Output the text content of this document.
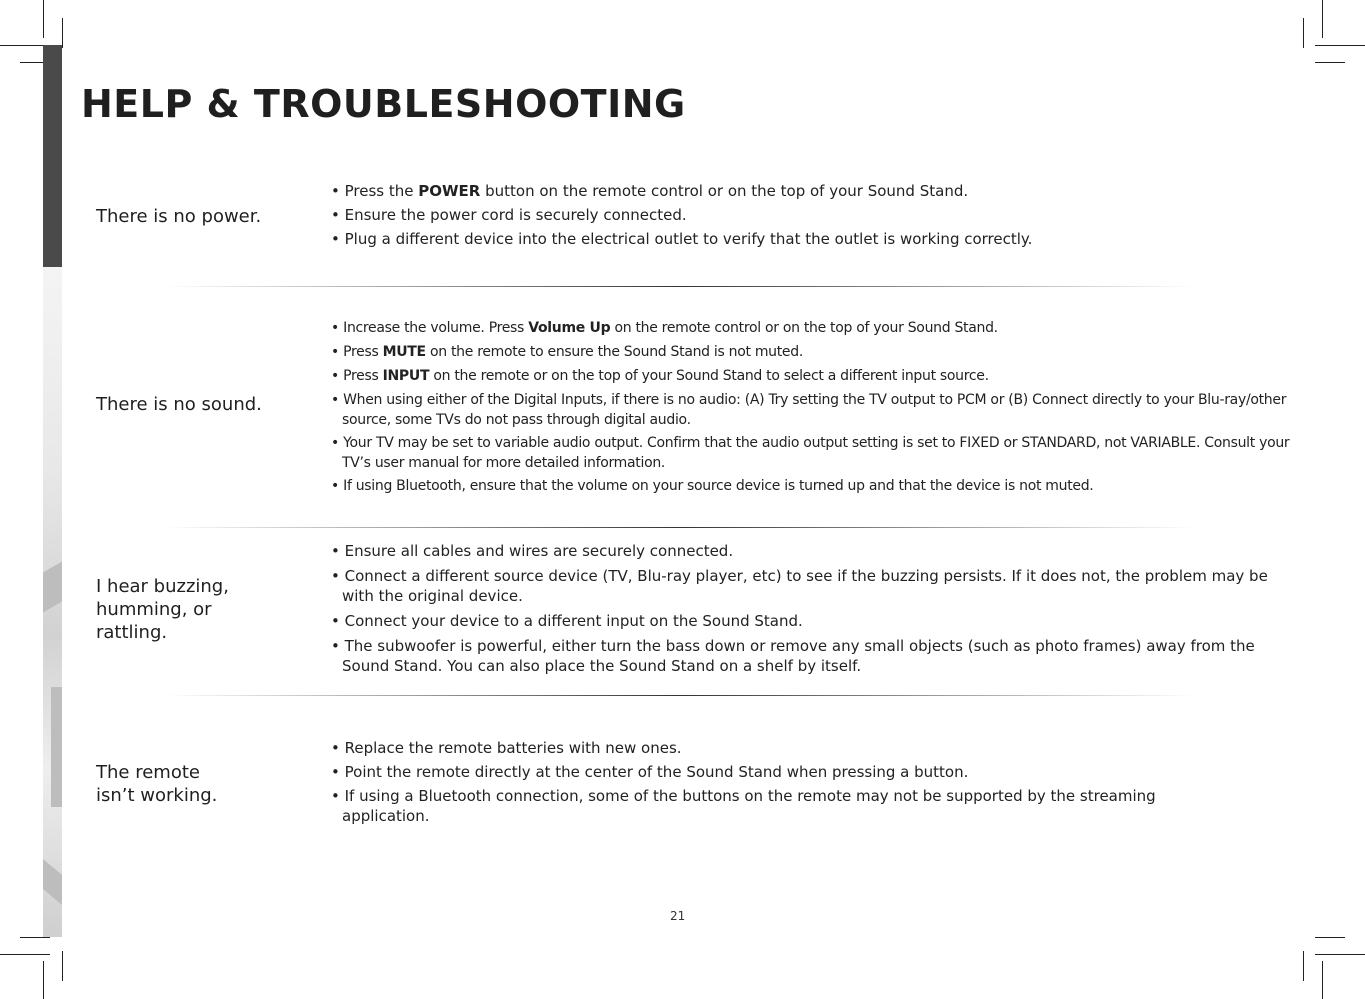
HELP & TROUBLESHOOTING
There is no power.
• Press the POWER button on the remote control or on the top of your Sound Stand.
• Ensure the power cord is securely connected.
• Plug a different device into the electrical outlet to verify that the outlet is working correctly.
There is no sound.
• Increase the volume. Press Volume Up on the remote control or on the top of your Sound Stand.
• Press MUTE on the remote to ensure the Sound Stand is not muted.
• Press INPUT on the remote or on the top of your Sound Stand to select a different input source.
• When using either of the Digital Inputs, if there is no audio: (A) Try setting the TV output to PCM or (B) Connect directly to your Blu-ray/other source, some TVs do not pass through digital audio.
• Your TV may be set to variable audio output. Confirm that the audio output setting is set to FIXED or STANDARD, not VARIABLE. Consult your TV’s user manual for more detailed information.
• If using Bluetooth, ensure that the volume on your source device is turned up and that the device is not muted.
I hear buzzing, humming, or rattling.
• Ensure all cables and wires are securely connected.
• Connect a different source device (TV, Blu-ray player, etc) to see if the buzzing persists. If it does not, the problem may be with the original device.
• Connect your device to a different input on the Sound Stand.
• The subwoofer is powerful, either turn the bass down or remove any small objects (such as photo frames) away from the Sound Stand. You can also place the Sound Stand on a shelf by itself.
The remote isn’t working.
• Replace the remote batteries with new ones.
• Point the remote directly at the center of the Sound Stand when pressing a button.
• If using a Bluetooth connection, some of the buttons on the remote may not be supported by the streaming application.
21
